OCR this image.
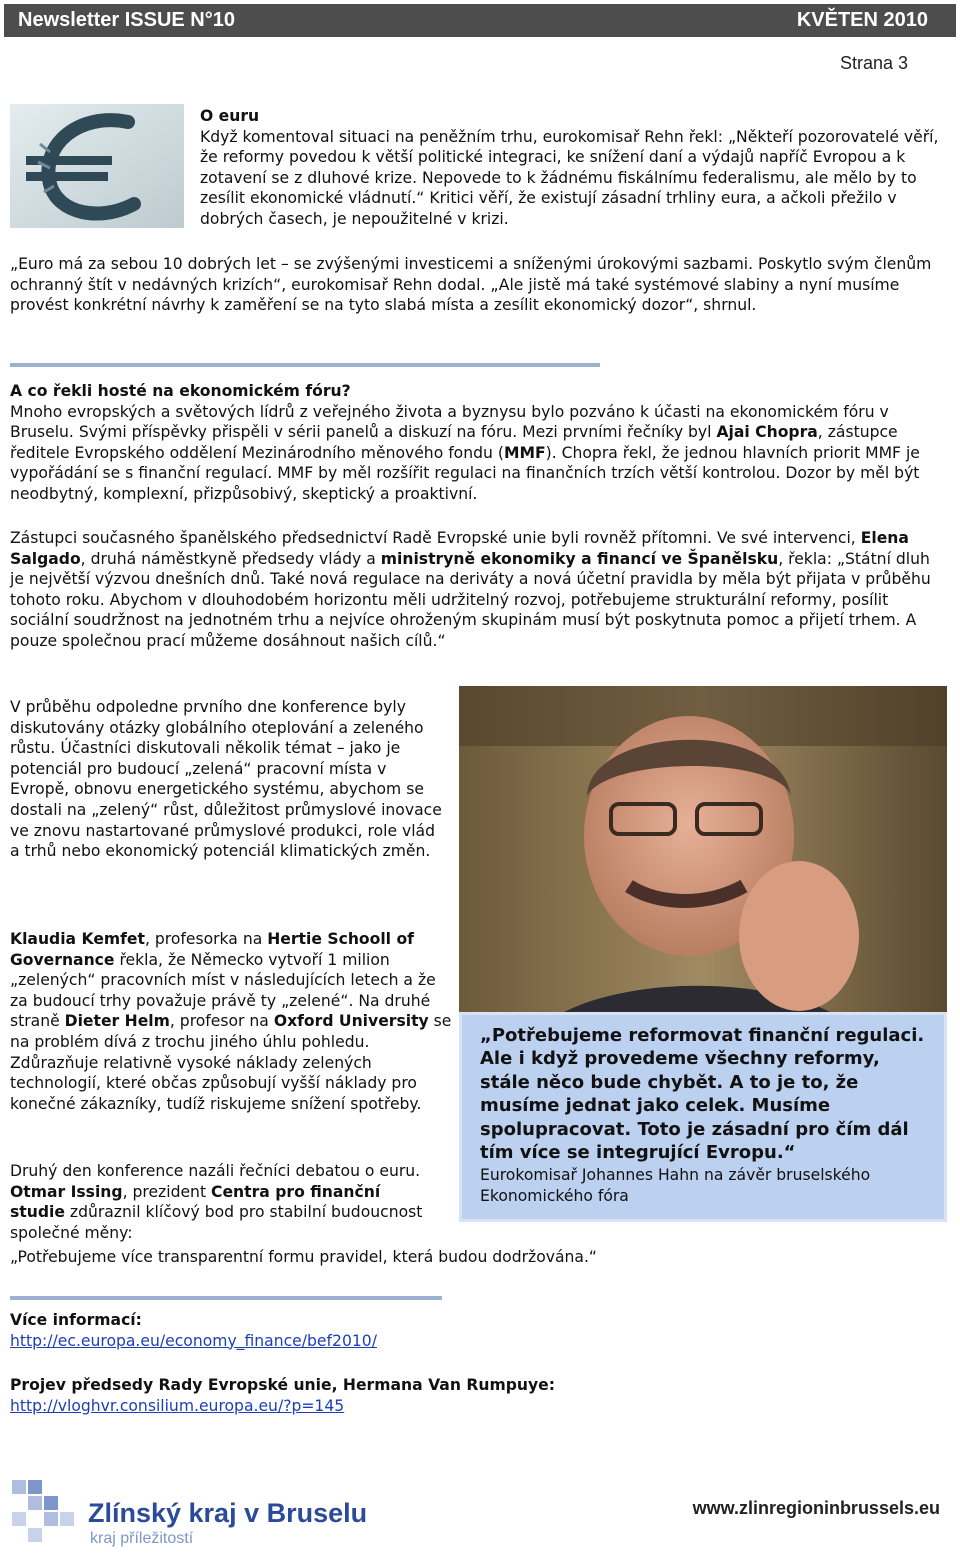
Newsletter ISSUE N°10	KVĚTEN 2010
Strana 3

O euru

Když komentoval situaci na peněžním trhu, eurokomisař Rehn řekl: „Někteří pozorovatelé věří, že reformy povedou k větší politické integraci, ke snížení daní a výdajů napříč Evropou a k zotavení se z dluhové krize. Nepovede to k žádnému fiskálnímu federalismu, ale mělo by to zesílit ekonomické vládnutí.“ Kritici věří, že existují zásadní trhliny eura, a ačkoli přežilo v dobrých časech, je nepoužitelné v krizi.

„Euro má za sebou 10 dobrých let – se zvýšenými investicemi a sníženými úrokovými sazbami. Poskytlo svým členům ochranný štít v nedávných krizích“, eurokomisař Rehn dodal. „Ale jistě má také systémové slabiny a nyní musíme provést konkrétní návrhy k zaměření se na tyto slabá místa a zesílit ekonomický dozor“, shrnul.

A co řekli hosté na ekonomickém fóru?

Mnoho evropských a světových lídrů z veřejného života a byznysu bylo pozváno k účasti na ekonomickém fóru v Bruselu. Svými příspěvky přispěli v sérii panelů a diskuzí na fóru. Mezi prvními řečníky byl Ajai Chopra, zástupce ředitele Evropského oddělení Mezinárodního měnového fondu (MMF). Chopra řekl, že jednou hlavních priorit MMF je vypořádání se s finanční regulací. MMF by měl rozšířit regulaci na finančních trzích větší kontrolou. Dozor by měl být neodbytný, komplexní, přizpůsobivý, skeptický a proaktivní.

Zástupci současného španělského předsednictví Radě Evropské unie byli rovněž přítomni. Ve své intervenci, Elena Salgado, druhá náměstkyně předsedy vlády a ministryně ekonomiky a financí ve Španělsku, řekla: „Státní dluh je největší výzvou dnešních dnů. Také nová regulace na deriváty a nová účetní pravidla by měla být přijata v průběhu tohoto roku. Abychom v dlouhodobém horizontu měli udržitelný rozvoj, potřebujeme strukturální reformy, posílit sociální soudržnost na jednotném trhu a nejvíce ohroženým skupinám musí být poskytnuta pomoc a přijetí trhem. A pouze společnou prací můžeme dosáhnout našich cílů.“

V průběhu odpoledne prvního dne konference byly diskutovány otázky globálního oteplování a zeleného růstu. Účastníci diskutovali několik témat – jako je potenciál pro budoucí „zelená“ pracovní místa v Evropě, obnovu energetického systému, abychom se dostali na „zelený“ růst, důležitost průmyslové inovace ve znovu nastartované průmyslové produkci, role vlád a trhů nebo ekonomický potenciál klimatických změn.

Klaudia Kemfet, profesorka na Hertie Schooll of Governance řekla, že Německo vytvoří 1 milion „zelených“ pracovních míst v následujících letech a že za budoucí trhy považuje právě ty „zelené“. Na druhé straně Dieter Helm, profesor na Oxford University se na problém dívá z trochu jiného úhlu pohledu. Zdůrazňuje relativně vysoké náklady zelených technologií, které občas způsobují vyšší náklady pro konečné zákazníky, tudíž riskujeme snížení spotřeby.

Druhý den konference nazáli řečníci debatou o euru. Otmar Issing, prezident Centra pro finanční studie zdůraznil klíčový bod pro stabilní budoucnost společné měny:

„Potřebujeme více transparentní formu pravidel, která budou dodržována.“

„Potřebujeme reformovat finanční regulaci. Ale i když provedeme všechny reformy, stále něco bude chybět. A to je to, že musíme jednat jako celek. Musíme spolupracovat. Toto je zásadní pro čím dál tím více se integrující Evropu.“

Eurokomisař Johannes Hahn na závěr bruselského Ekonomického fóra

Více informací:

http://ec.europa.eu/economy_finance/bef2010/

Projev předsedy Rady Evropské unie, Hermana Van Rumpuye:

http://vloghvr.consilium.europa.eu/?p=145

Zlínský kraj v Bruselu
kraj příležitostí
www.zlinregioninbrussels.eu
